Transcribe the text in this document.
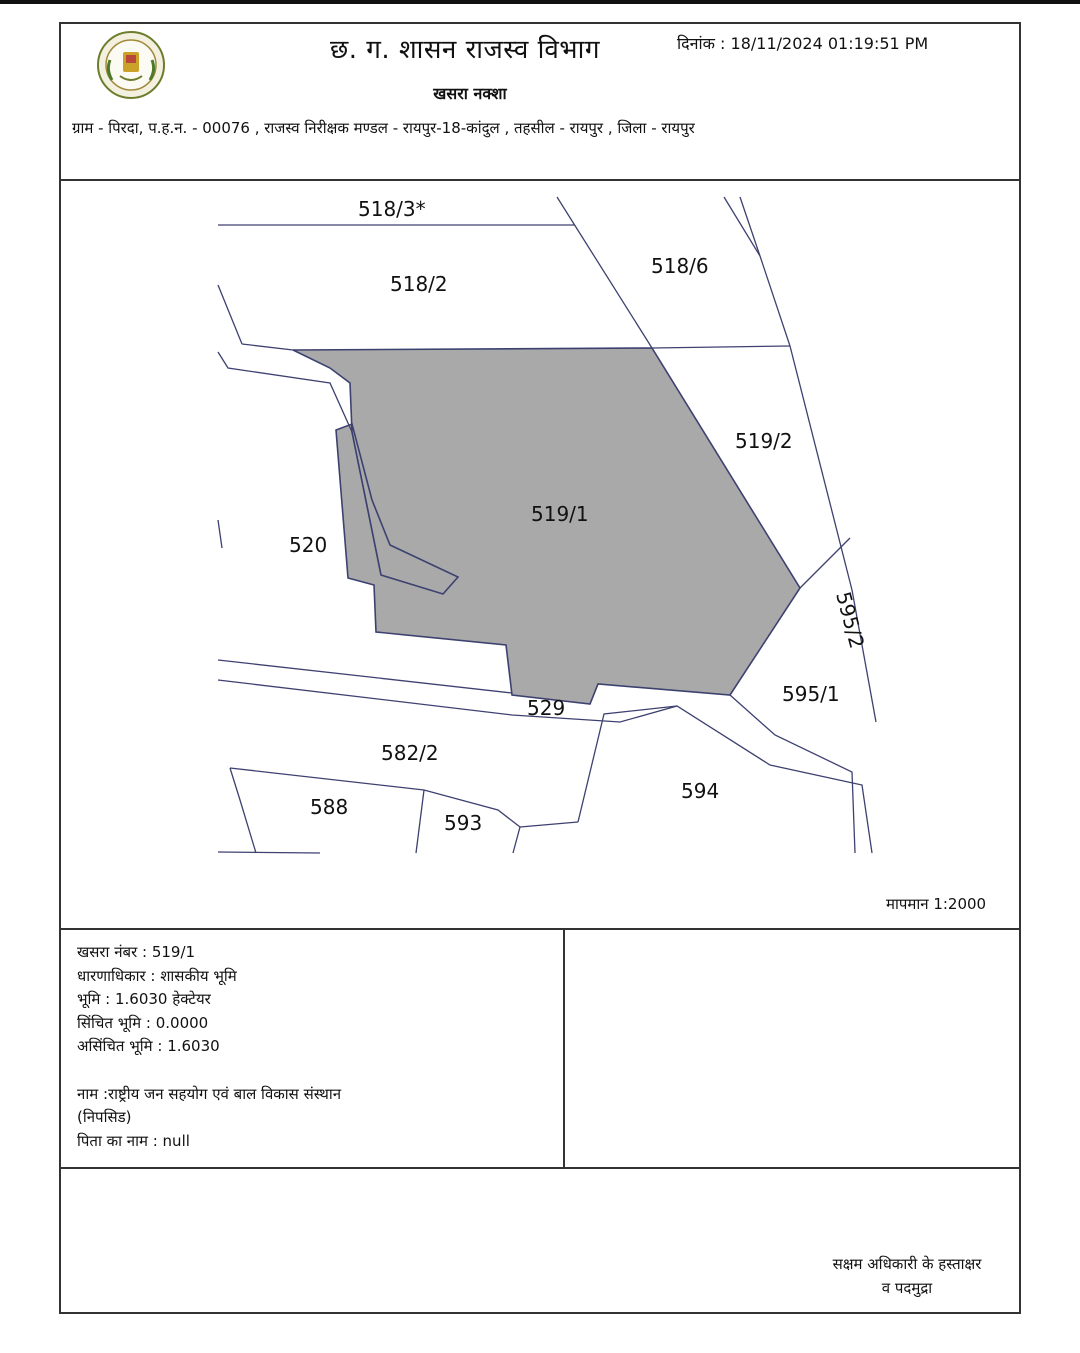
छ. ग. शासन राजस्व विभाग	दिनांक : 18/11/2024 01:19:51 PM
खसरा नक्शा
ग्राम - पिरदा, प.ह.न. - 00076 , राजस्व निरीक्षक मण्डल - रायपुर-18-कांदुल , तहसील - रायपुर , जिला - रायपुर
518/3*
518/2
518/6
519/2
519/1
520
595/2
595/1
529
582/2
594
588
593
मापमान 1:2000
खसरा नंबर : 519/1
धारणाधिकार : शासकीय भूमि
भूमि : 1.6030 हेक्टेयर
सिंचित भूमि : 0.0000
असिंचित भूमि : 1.6030
नाम :राष्ट्रीय जन सहयोग एवं बाल विकास संस्थान
(निपसिड)
पिता का नाम : null
सक्षम अधिकारी के हस्ताक्षर
व पदमुद्रा
